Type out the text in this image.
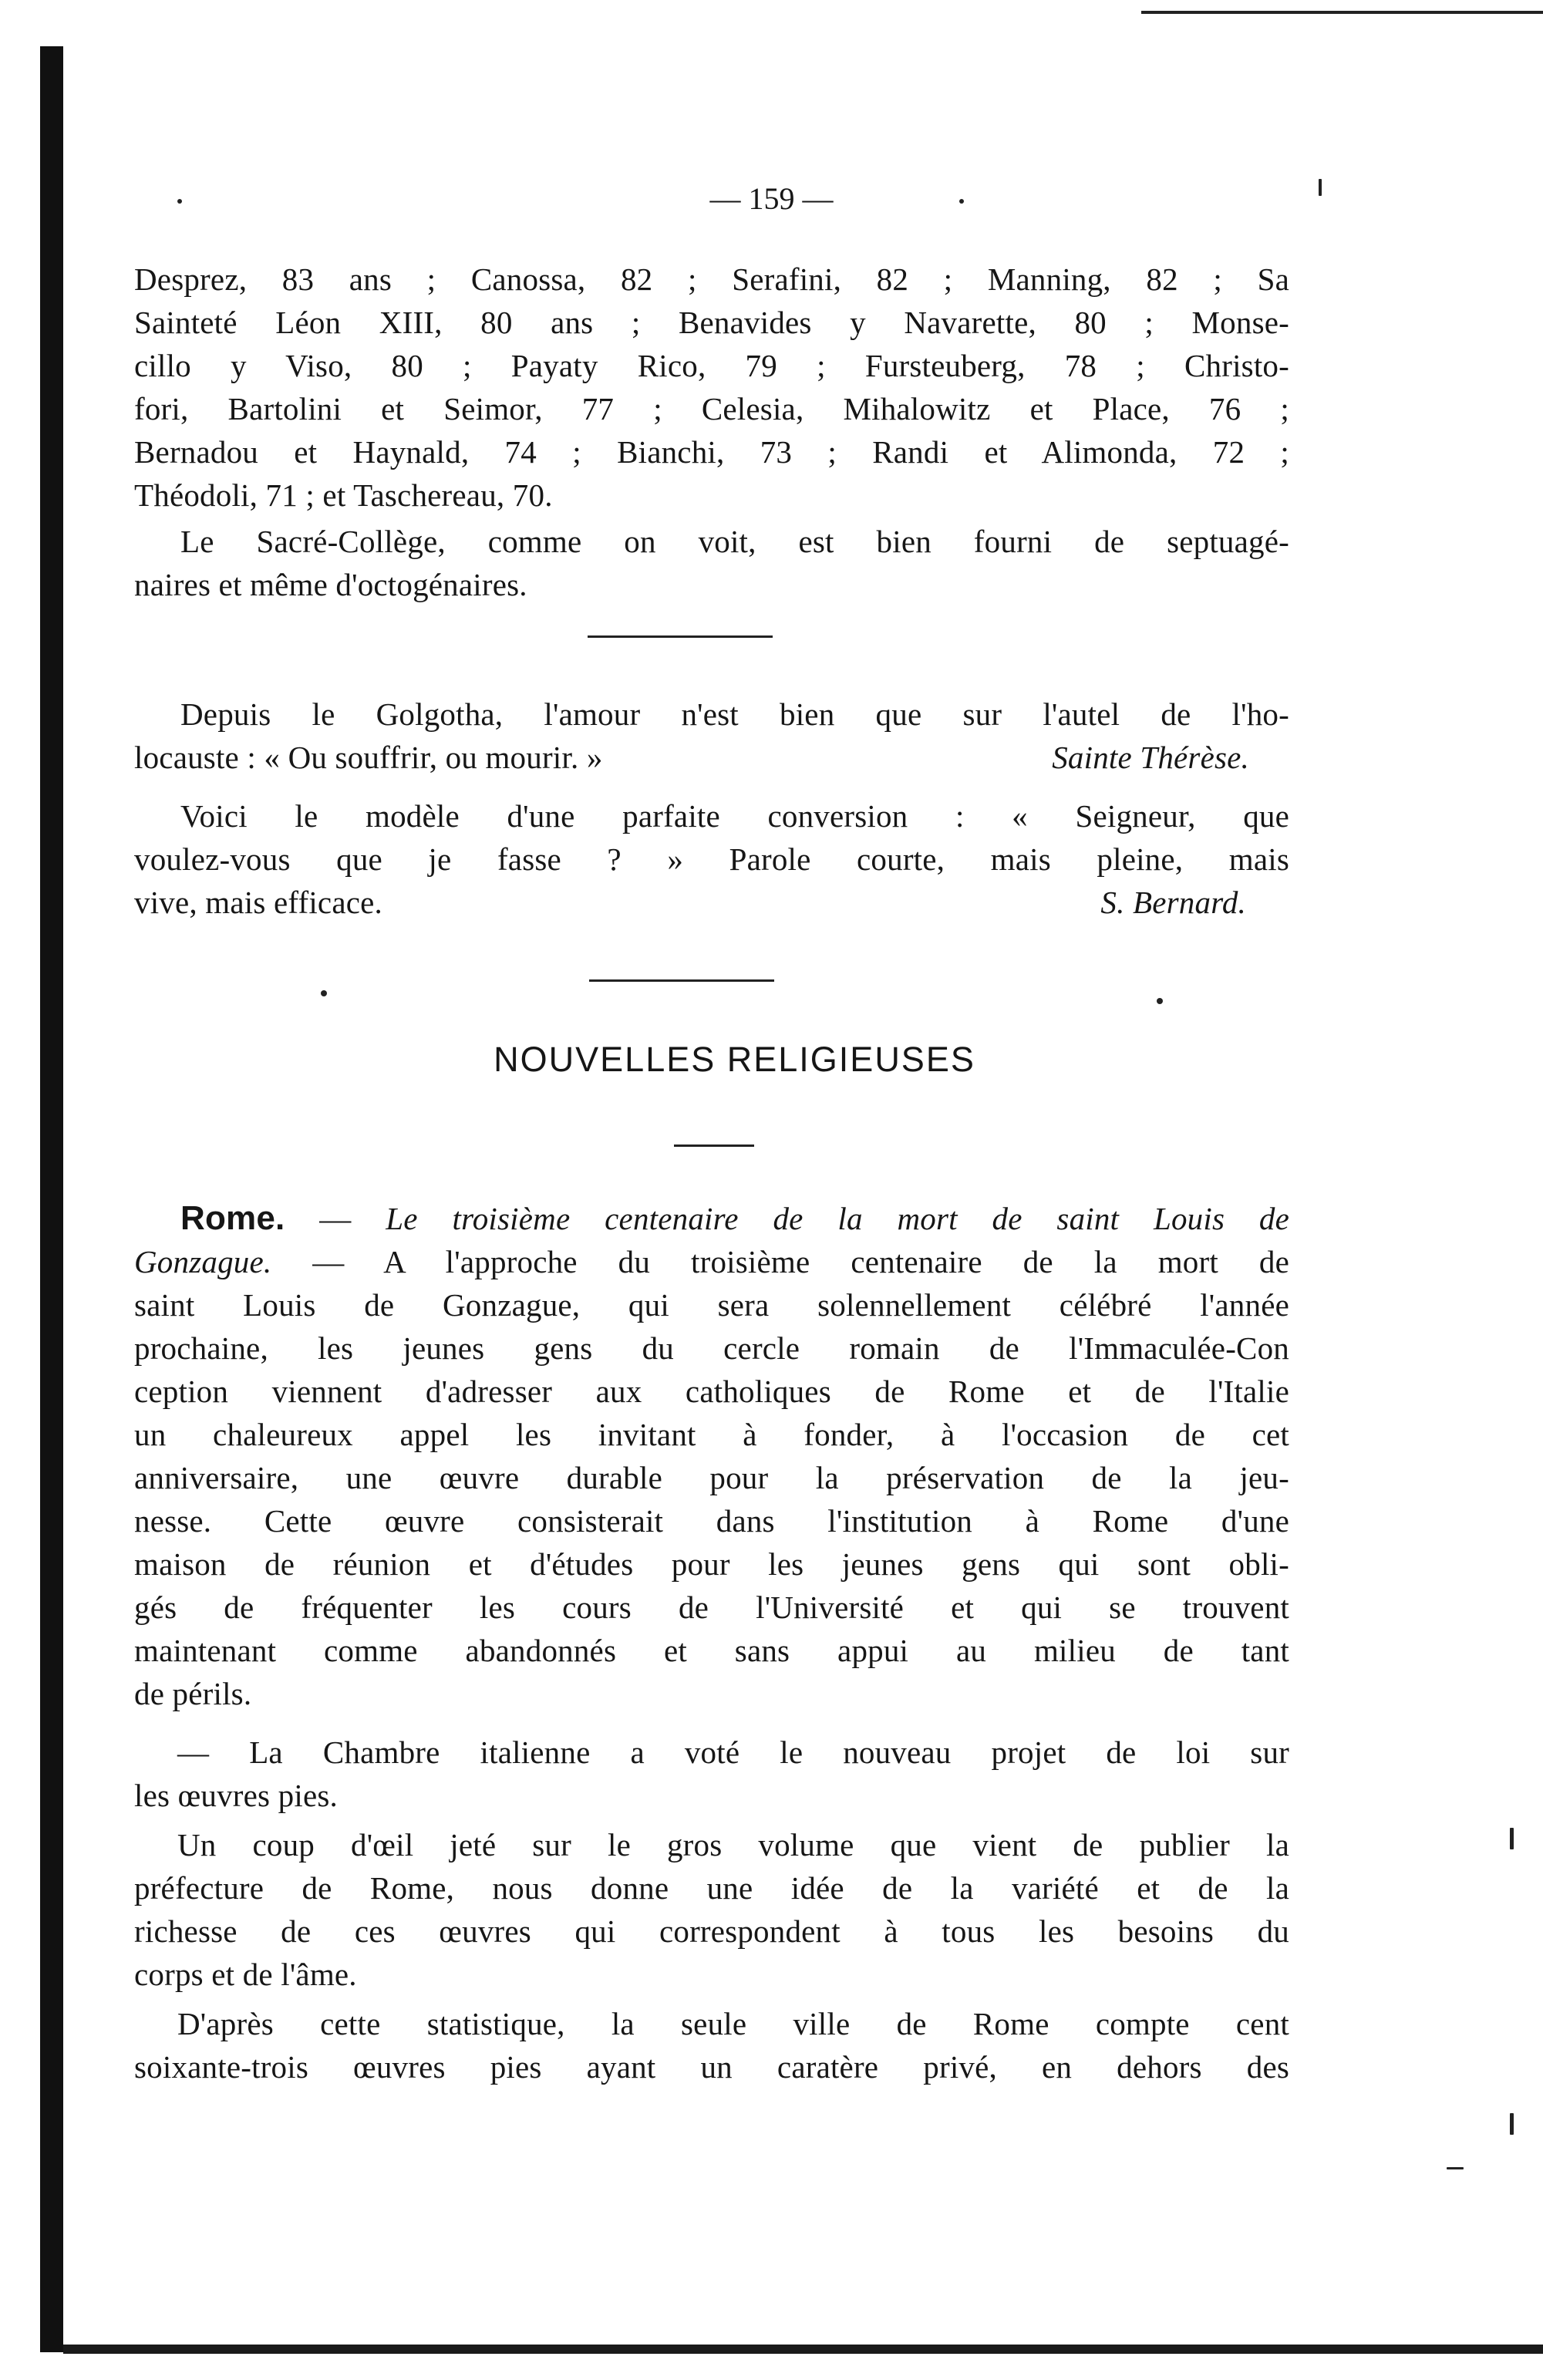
— 159 —
Desprez, 83 ans ; Canossa, 82 ; Serafini, 82 ; Manning, 82 ; Sa
Sainteté Léon XIII, 80 ans ; Benavides y Navarette, 80 ; Monse-
cillo y Viso, 80 ; Payaty Rico, 79 ; Fursteuberg, 78 ; Christo-
fori, Bartolini et Seimor, 77 ; Celesia, Mihalowitz et Place, 76 ;
Bernadou et Haynald, 74 ; Bianchi, 73 ; Randi et Alimonda, 72 ;
Théodoli, 71 ; et Taschereau, 70.
Le Sacré-Collège, comme on voit, est bien fourni de septuagé-
naires et même d'octogénaires.
Depuis le Golgotha, l'amour n'est bien que sur l'autel de l'ho-
locauste : « Ou souffrir, ou mourir. »	Sainte Thérèse.
Voici le modèle d'une parfaite conversion : « Seigneur, que
voulez-vous que je fasse ? » Parole courte, mais pleine, mais
vive, mais efficace.	S. Bernard.
NOUVELLES RELIGIEUSES
Rome. — Le troisième centenaire de la mort de saint Louis de
Gonzague. — A l'approche du troisième centenaire de la mort de
saint Louis de Gonzague, qui sera solennellement célébré l'année
prochaine, les jeunes gens du cercle romain de l'Immaculée-Con
ception viennent d'adresser aux catholiques de Rome et de l'Italie
un chaleureux appel les invitant à fonder, à l'occasion de cet
anniversaire, une œuvre durable pour la préservation de la jeu-
nesse. Cette œuvre consisterait dans l'institution à Rome d'une
maison de réunion et d'études pour les jeunes gens qui sont obli-
gés de fréquenter les cours de l'Université et qui se trouvent
maintenant comme abandonnés et sans appui au milieu de tant
de périls.
— La Chambre italienne a voté le nouveau projet de loi sur
les œuvres pies.
Un coup d'œil jeté sur le gros volume que vient de publier la
préfecture de Rome, nous donne une idée de la variété et de la
richesse de ces œuvres qui correspondent à tous les besoins du
corps et de l'âme.
D'après cette statistique, la seule ville de Rome compte cent
soixante-trois œuvres pies ayant un caratère privé, en dehors des
